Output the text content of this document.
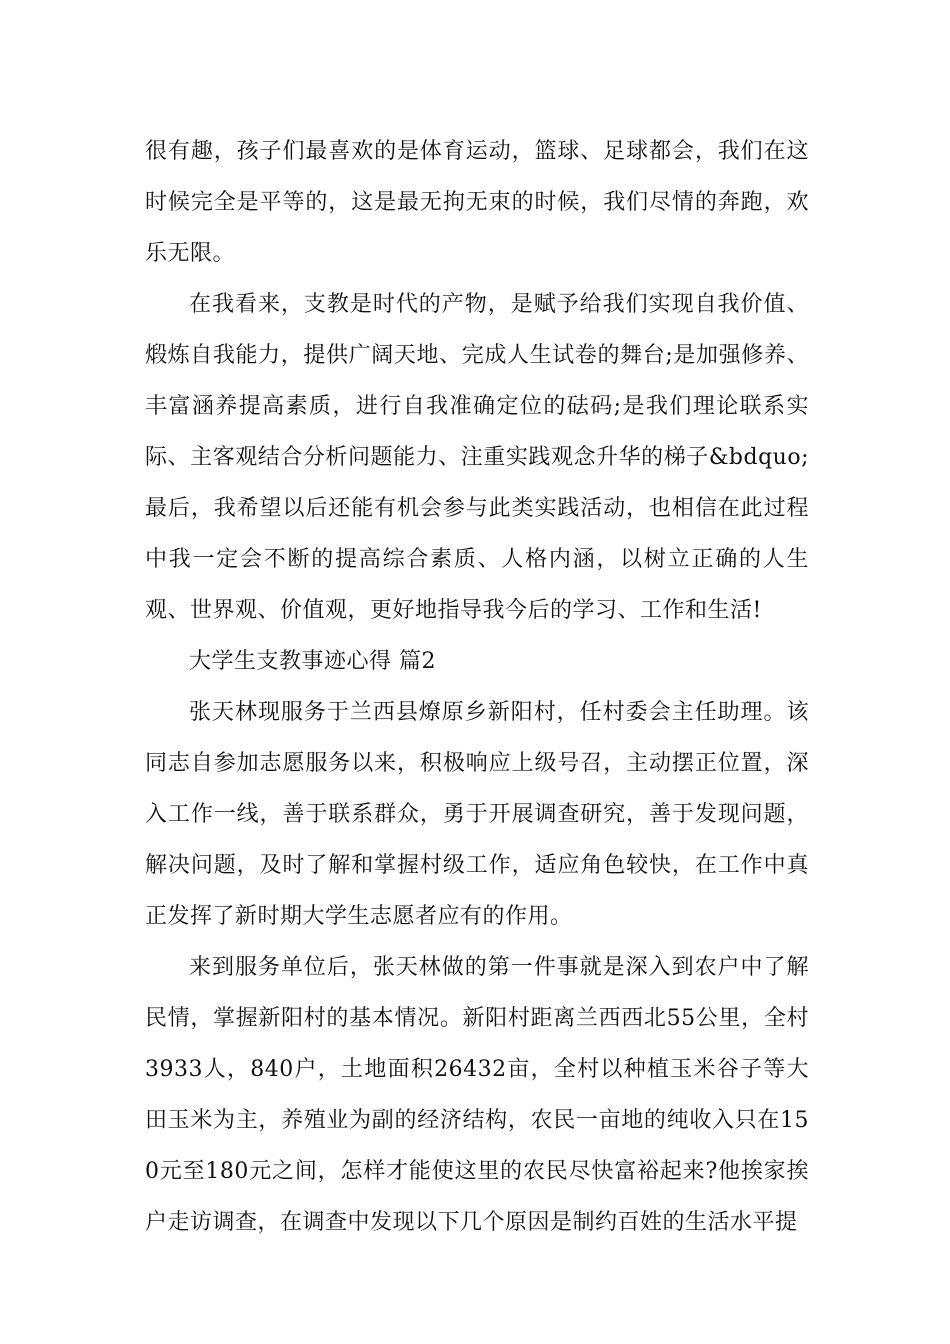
很有趣，孩子们最喜欢的是体育运动，篮球、足球都会，我们在这时候完全是平等的，这是最无拘无束的时候，我们尽情的奔跑，欢乐无限。

在我看来，支教是时代的产物，是赋予给我们实现自我价值、煅炼自我能力，提供广阔天地、完成人生试卷的舞台;是加强修养、丰富涵养提高素质，进行自我准确定位的砝码;是我们理论联系实际、主客观结合分析问题能力、注重实践观念升华的梯子&bdquo;最后，我希望以后还能有机会参与此类实践活动，也相信在此过程中我一定会不断的提高综合素质、人格内涵，以树立正确的人生观、世界观、价值观，更好地指导我今后的学习、工作和生活!

大学生支教事迹心得 篇2

张天林现服务于兰西县燎原乡新阳村，任村委会主任助理。该同志自参加志愿服务以来，积极响应上级号召，主动摆正位置，深入工作一线，善于联系群众，勇于开展调查研究，善于发现问题，解决问题，及时了解和掌握村级工作，适应角色较快，在工作中真正发挥了新时期大学生志愿者应有的作用。

来到服务单位后，张天林做的第一件事就是深入到农户中了解民情，掌握新阳村的基本情况。新阳村距离兰西西北55公里，全村3933人，840户，土地面积26432亩，全村以种植玉米谷子等大田玉米为主，养殖业为副的经济结构，农民一亩地的纯收入只在150元至180元之间，怎样才能使这里的农民尽快富裕起来?他挨家挨户走访调查，在调查中发现以下几个原因是制约百姓的生活水平提
